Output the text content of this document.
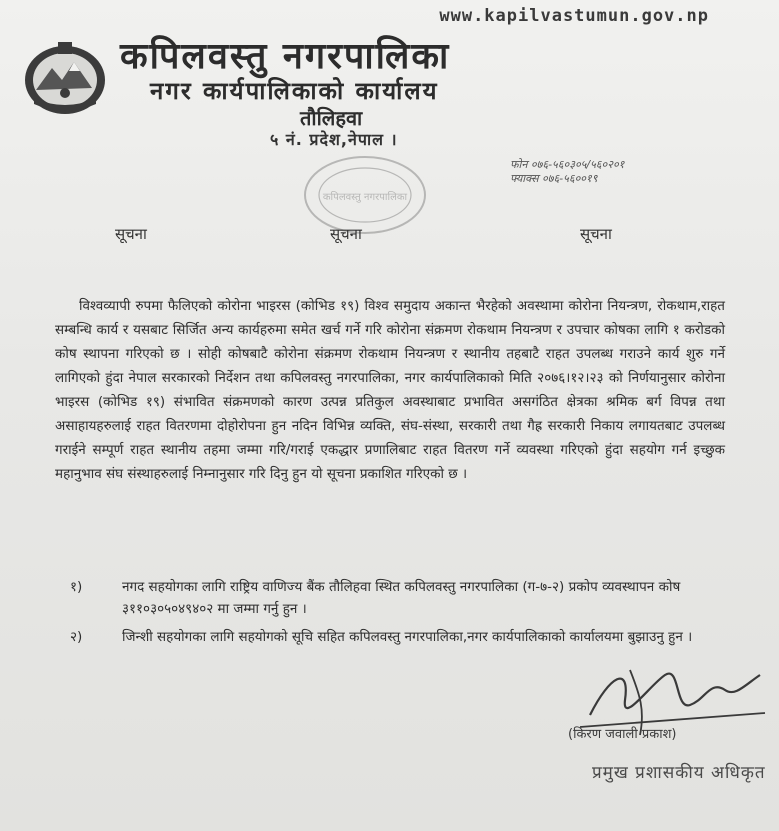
www.kapilvastumun.gov.np
कपिलवस्तु नगरपालिका
नगर कार्यपालिकाको कार्यालय
तौलिहवा
५ नं. प्रदेश,नेपाल ।
फोन ०७६-५६०३०५/५६०२०१
फ्याक्स ०७६-५६००१९
कपिलवस्तु नगरपालिका
सूचना	सूचना	सूचना
विश्वव्यापी रुपमा फैलिएको कोरोना भाइरस (कोभिड १९) विश्व समुदाय अकान्त भैरहेको अवस्थामा कोरोना नियन्त्रण, रोकथाम,राहत सम्बन्धि कार्य र यसबाट सिर्जित अन्य कार्यहरुमा समेत खर्च गर्ने गरि कोरोना संक्रमण रोकथाम नियन्त्रण र उपचार कोषका लागि १ करोडको कोष स्थापना गरिएको छ । सोही कोषबाटै कोरोना संक्रमण रोकथाम नियन्त्रण र स्थानीय तहबाटै राहत उपलब्ध गराउने कार्य शुरु गर्ने लागिएको हुंदा नेपाल सरकारको निर्देशन तथा कपिलवस्तु नगरपालिका, नगर कार्यपालिकाको मिति २०७६।१२।२३ को निर्णयानुसार कोरोना भाइरस (कोभिड १९) संभावित संक्रमणको कारण उत्पन्न प्रतिकुल अवस्थाबाट प्रभावित असगंठित क्षेत्रका श्रमिक बर्ग विपन्न तथा असाहायहरुलाई राहत वितरणमा दोहोरोपना हुन नदिन विभिन्न व्यक्ति, संघ-संस्था, सरकारी तथा गैह्र सरकारी निकाय लगायतबाट उपलब्ध गराईने सम्पूर्ण राहत स्थानीय तहमा जम्मा गरि/गराई एकद्धार प्रणालिबाट राहत वितरण गर्ने व्यवस्था गरिएको हुंदा सहयोग गर्न इच्छुक महानुभाव संघ संस्थाहरुलाई निम्नानुसार गरि दिनु हुन यो सूचना प्रकाशित गरिएको छ ।
१)	नगद सहयोगका लागि राष्ट्रिय वाणिज्य बैंक तौलिहवा स्थित कपिलवस्तु नगरपालिका (ग-७-२) प्रकोप व्यवस्थापन कोष ३११०३०५०४९४०२ मा जम्मा गर्नु हुन ।
२)	जिन्शी सहयोगका लागि सहयोगको सूचि सहित कपिलवस्तु नगरपालिका,नगर कार्यपालिकाको कार्यालयमा बुझाउनु हुन ।
(किरण जवाली प्रकाश)
प्रमुख प्रशासकीय अधिकृत
